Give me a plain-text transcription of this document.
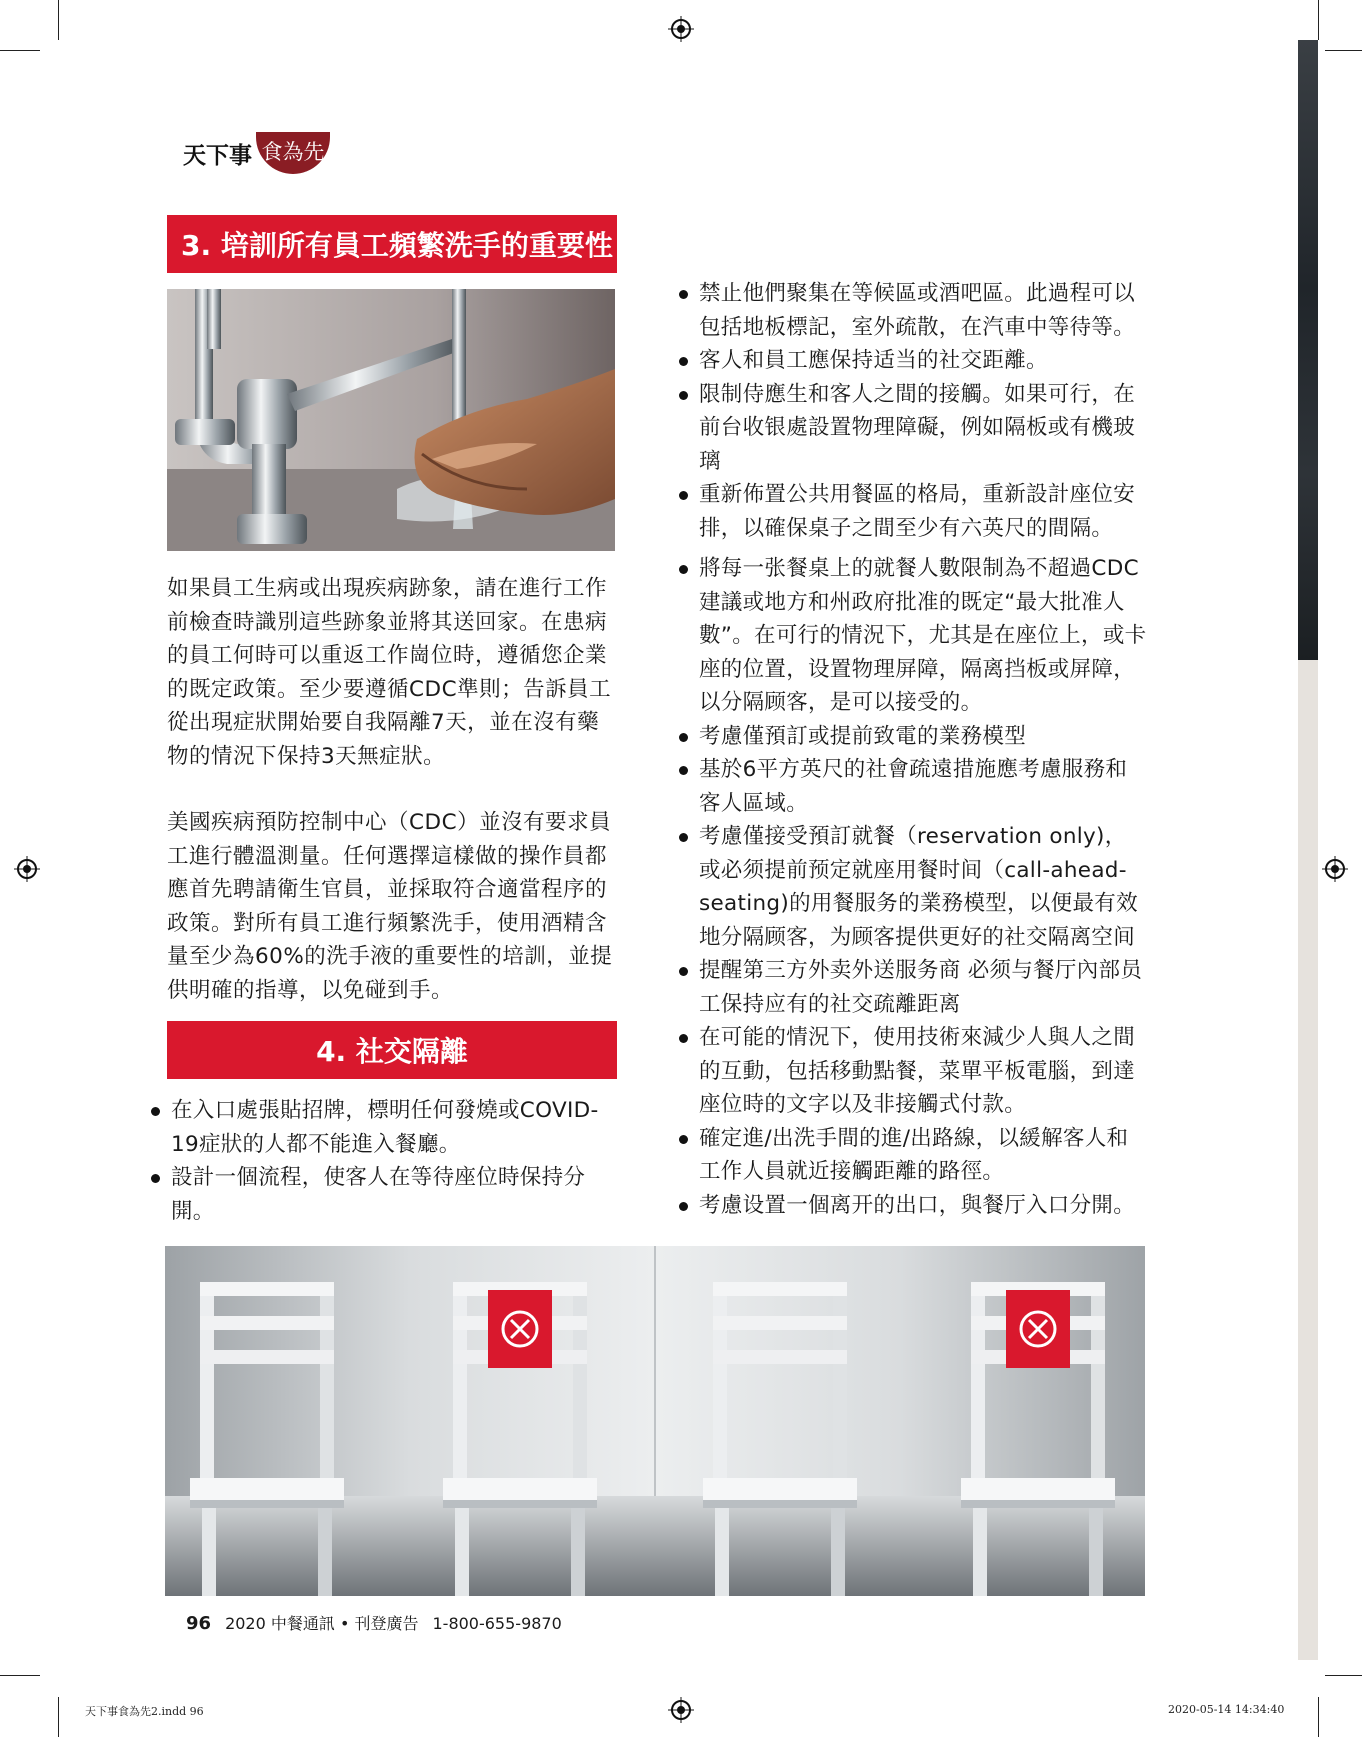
天下事 食為先
3. 培訓所有員工頻繁洗手的重要性

如果員工生病或出現疾病跡象，請在進行工作前檢查時識別這些跡象並將其送回家。在患病的員工何時可以重返工作崗位時，遵循您企業的既定政策。至少要遵循CDC準則；告訴員工從出現症狀開始要自我隔離7天，並在沒有藥物的情況下保持3天無症狀。

美國疾病預防控制中心（CDC）並沒有要求員工進行體溫測量。任何選擇這樣做的操作員都應首先聘請衛生官員，並採取符合適當程序的政策。對所有員工進行頻繁洗手，使用酒精含量至少為60%的洗手液的重要性的培訓，並提供明確的指導，以免碰到手。

4. 社交隔離
在入口處張貼招牌，標明任何發燒或COVID-19症狀的人都不能進入餐廳。
設計一個流程，使客人在等待座位時保持分開。
禁止他們聚集在等候區或酒吧區。此過程可以包括地板標記，室外疏散，在汽車中等待等。
客人和員工應保持适当的社交距離。
限制侍應生和客人之間的接觸。如果可行，在前台收银處設置物理障礙，例如隔板或有機玻璃
重新佈置公共用餐區的格局，重新設計座位安排，以確保桌子之間至少有六英尺的間隔。
將每一张餐桌上的就餐人數限制為不超過CDC建議或地方和州政府批准的既定“最大批准人數”。在可行的情況下，尤其是在座位上，或卡座的位置，设置物理屏障，隔离挡板或屏障，以分隔顾客，是可以接受的。
考慮僅預訂或提前致電的業務模型
基於6平方英尺的社會疏遠措施應考慮服務和客人區域。
考慮僅接受預訂就餐（reservation only)，或必须提前预定就座用餐时间（call-ahead-seating)的用餐服务的業務模型，以便最有效地分隔顾客，为顾客提供更好的社交隔离空间
提醒第三方外卖外送服务商 必须与餐厅內部员工保持应有的社交疏離距离
在可能的情況下，使用技術來減少人與人之間的互動，包括移動點餐，菜單平板電腦，到達座位時的文字以及非接觸式付款。
確定進/出洗手間的進/出路線，以緩解客人和工作人員就近接觸距離的路徑。
考慮设置一個离开的出口，與餐厅入口分開。
96 2020 中餐通訊 • 刊登廣告 1-800-655-9870
天下事食為先2.indd 96	2020-05-14 14:34:40
